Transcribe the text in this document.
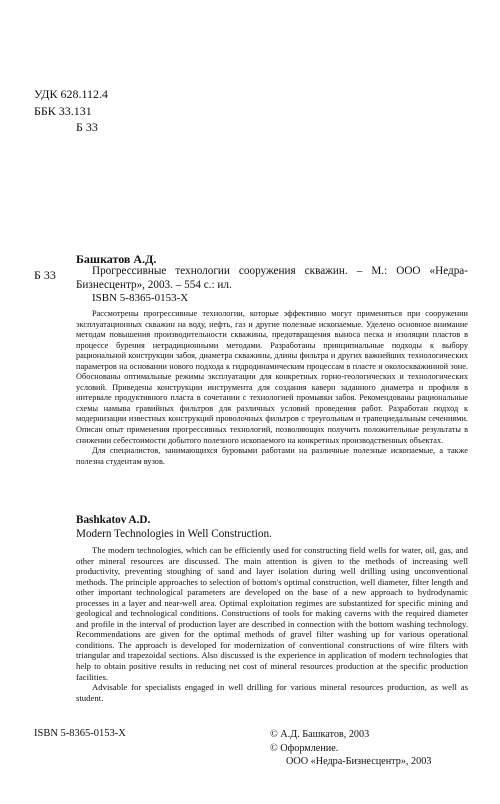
УДК 628.112.4
ББК 33.131
Б 33
Башкатов А.Д.
Б 33	Прогрессивные технологии сооружения скважин. – М.: ООО «Недра-Бизнесцентр», 2003. – 554 с.: ил.
ISBN 5-8365-0153-X

Рассмотрены прогрессивные технологии, которые эффективно могут применяться при сооружении эксплуатационных скважин на воду, нефть, газ и другие полезные ископаемые. Уделено основное внимание методам повышения производительности скважины, предотвращения выноса песка и изоляции пластов в процессе бурения нетрадиционными методами. Разработаны принципиальные подходы к выбору рациональной конструкции забоя, диаметра скважины, длины фильтра и других важнейших технологических параметров на основании нового подхода к гидродинамическим процессам в пласте и околоскважинной зоне. Обоснованы оптимальные режимы эксплуатации для конкретных горно-геологических и технологических условий. Приведены конструкции инструмента для создания каверн заданного диаметра и профиля в интервале продуктивного пласта в сочетании с технологией промывки забоя. Рекомендованы рациональные схемы намыва гравийных фильтров для различных условий проведения работ. Разработан подход к модернизации известных конструкций проволочных фильтров с треугольным и трапециедальным сечениями. Описан опыт применения прогрессивных технологий, позволяющих получить положительные результаты в снижении себестоимости добытого полезного ископаемого на конкретных производственных объектах.

Для специалистов, занимающихся буровыми работами на различные полезные ископаемые, а также полезна студентам вузов.

Bashkatov A.D.
Modern Technologies in Well Construction.

The modern technologies, which can be efficiently used for constructing field wells for water, oil, gas, and other mineral resources are discussed. The main attention is given to the methods of increasing well productivity, preventing stoughing of sand and layer isolation during well drilling using unconventional methods. The principle approaches to selection of bottom's optimal construction, well diameter, filter length and other important technological parameters are developed on the base of a new approach to hydrodynamic processes in a layer and near-well area. Optimal exploitation regimes are substantized for specific mining and geological and technological conditions. Constructions of tools for making caverns with the required diameter and profile in the interval of production layer are described in connection with the bottom washing technology. Recommendations are given for the optimal methods of gravel filter washing up for various operational conditions. The approach is developed for modernization of conventional constructions of wire filters with triangular and trapezoidal sections. Also discussed is the experience in application of modern technologies that help to obtain positive results in reducing net cost of mineral resources production at the specific production facilities.

Advisable for specialists engaged in well drilling for various mineral resources production, as well as student.

ISBN 5-8365-0153-X	© А.Д. Башкатов, 2003
© Оформление.
ООО «Недра-Бизнесцентр», 2003
